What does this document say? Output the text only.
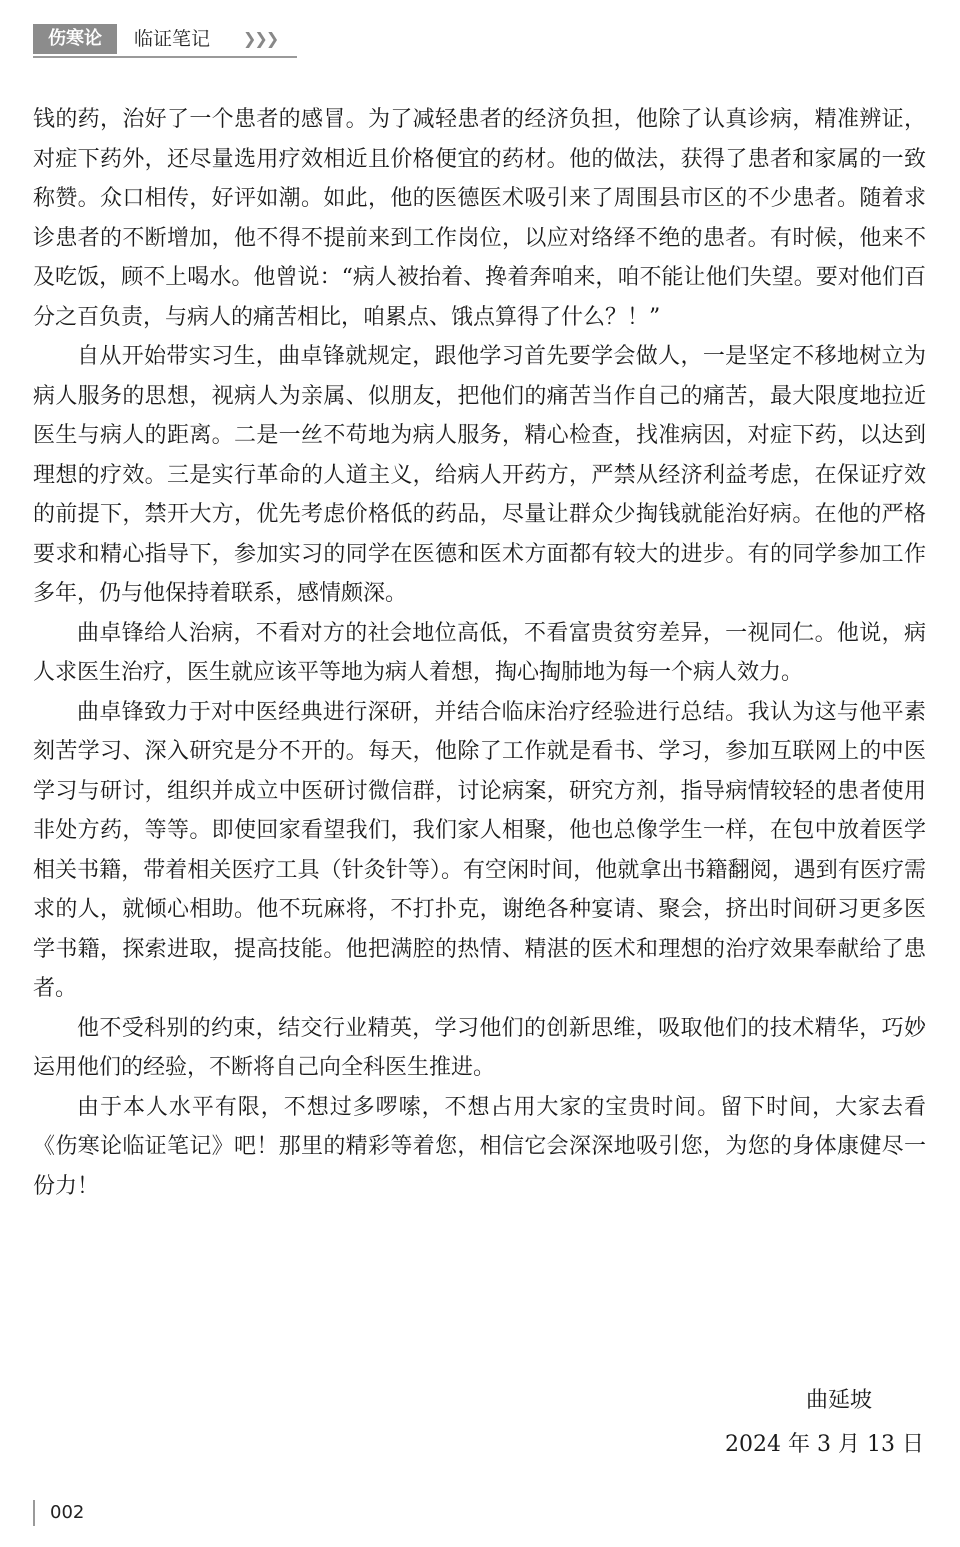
伤寒论	临证笔记 ❯❯❯

钱的药，治好了一个患者的感冒。为了减轻患者的经济负担，他除了认真诊病，精准辨证，对症下药外，还尽量选用疗效相近且价格便宜的药材。他的做法，获得了患者和家属的一致称赞。众口相传，好评如潮。如此，他的医德医术吸引来了周围县市区的不少患者。随着求诊患者的不断增加，他不得不提前来到工作岗位，以应对络绎不绝的患者。有时候，他来不及吃饭，顾不上喝水。他曾说：“病人被抬着、搀着奔咱来，咱不能让他们失望。要对他们百分之百负责，与病人的痛苦相比，咱累点、饿点算得了什么？！”

自从开始带实习生，曲卓锋就规定，跟他学习首先要学会做人，一是坚定不移地树立为病人服务的思想，视病人为亲属、似朋友，把他们的痛苦当作自己的痛苦，最大限度地拉近医生与病人的距离。二是一丝不苟地为病人服务，精心检查，找准病因，对症下药，以达到理想的疗效。三是实行革命的人道主义，给病人开药方，严禁从经济利益考虑，在保证疗效的前提下，禁开大方，优先考虑价格低的药品，尽量让群众少掏钱就能治好病。在他的严格要求和精心指导下，参加实习的同学在医德和医术方面都有较大的进步。有的同学参加工作多年，仍与他保持着联系，感情颇深。

曲卓锋给人治病，不看对方的社会地位高低，不看富贵贫穷差异，一视同仁。他说，病人求医生治疗，医生就应该平等地为病人着想，掏心掏肺地为每一个病人效力。

曲卓锋致力于对中医经典进行深研，并结合临床治疗经验进行总结。我认为这与他平素刻苦学习、深入研究是分不开的。每天，他除了工作就是看书、学习，参加互联网上的中医学习与研讨，组织并成立中医研讨微信群，讨论病案，研究方剂，指导病情较轻的患者使用非处方药，等等。即使回家看望我们，我们家人相聚，他也总像学生一样，在包中放着医学相关书籍，带着相关医疗工具（针灸针等）。有空闲时间，他就拿出书籍翻阅，遇到有医疗需求的人，就倾心相助。他不玩麻将，不打扑克，谢绝各种宴请、聚会，挤出时间研习更多医学书籍，探索进取，提高技能。他把满腔的热情、精湛的医术和理想的治疗效果奉献给了患者。

他不受科别的约束，结交行业精英，学习他们的创新思维，吸取他们的技术精华，巧妙运用他们的经验，不断将自己向全科医生推进。

由于本人水平有限，不想过多啰嗦，不想占用大家的宝贵时间。留下时间，大家去看《伤寒论临证笔记》吧！那里的精彩等着您，相信它会深深地吸引您，为您的身体康健尽一份力！

曲延坡
2024 年 3 月 13 日
002
